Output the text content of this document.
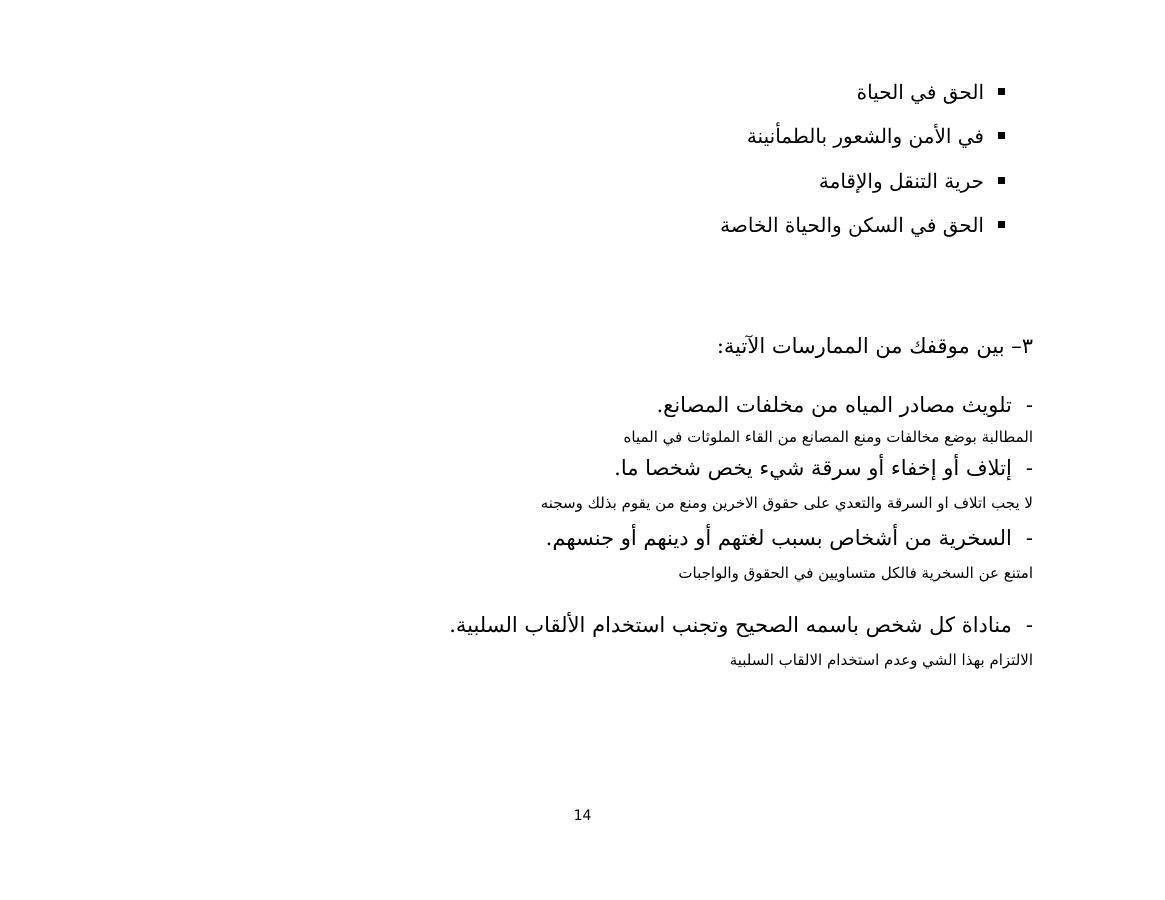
الحق في الحياة
في الأمن والشعور بالطمأنينة
حرية التنقل والإقامة
الحق في السكن والحياة الخاصة
٣– بين موقفك من الممارسات الآتية:
-تلويث مصادر المياه من مخلفات المصانع.
المطالبة بوضع مخالفات ومنع المصانع من القاء الملوثات في المياه
-إتلاف أو إخفاء أو سرقة شيء يخص شخصا ما.
لا يجب اتلاف او السرقة والتعدي على حقوق الاخرين ومنع من يقوم بذلك وسجنه
-السخرية من أشخاص بسبب لغتهم أو دينهم أو جنسهم.
امتنع عن السخرية فالكل متساويين في الحقوق والواجبات
-مناداة كل شخص باسمه الصحيح وتجنب استخدام الألقاب السلبية.
الالتزام بهذا الشي وعدم استخدام الالقاب السلبية
14
